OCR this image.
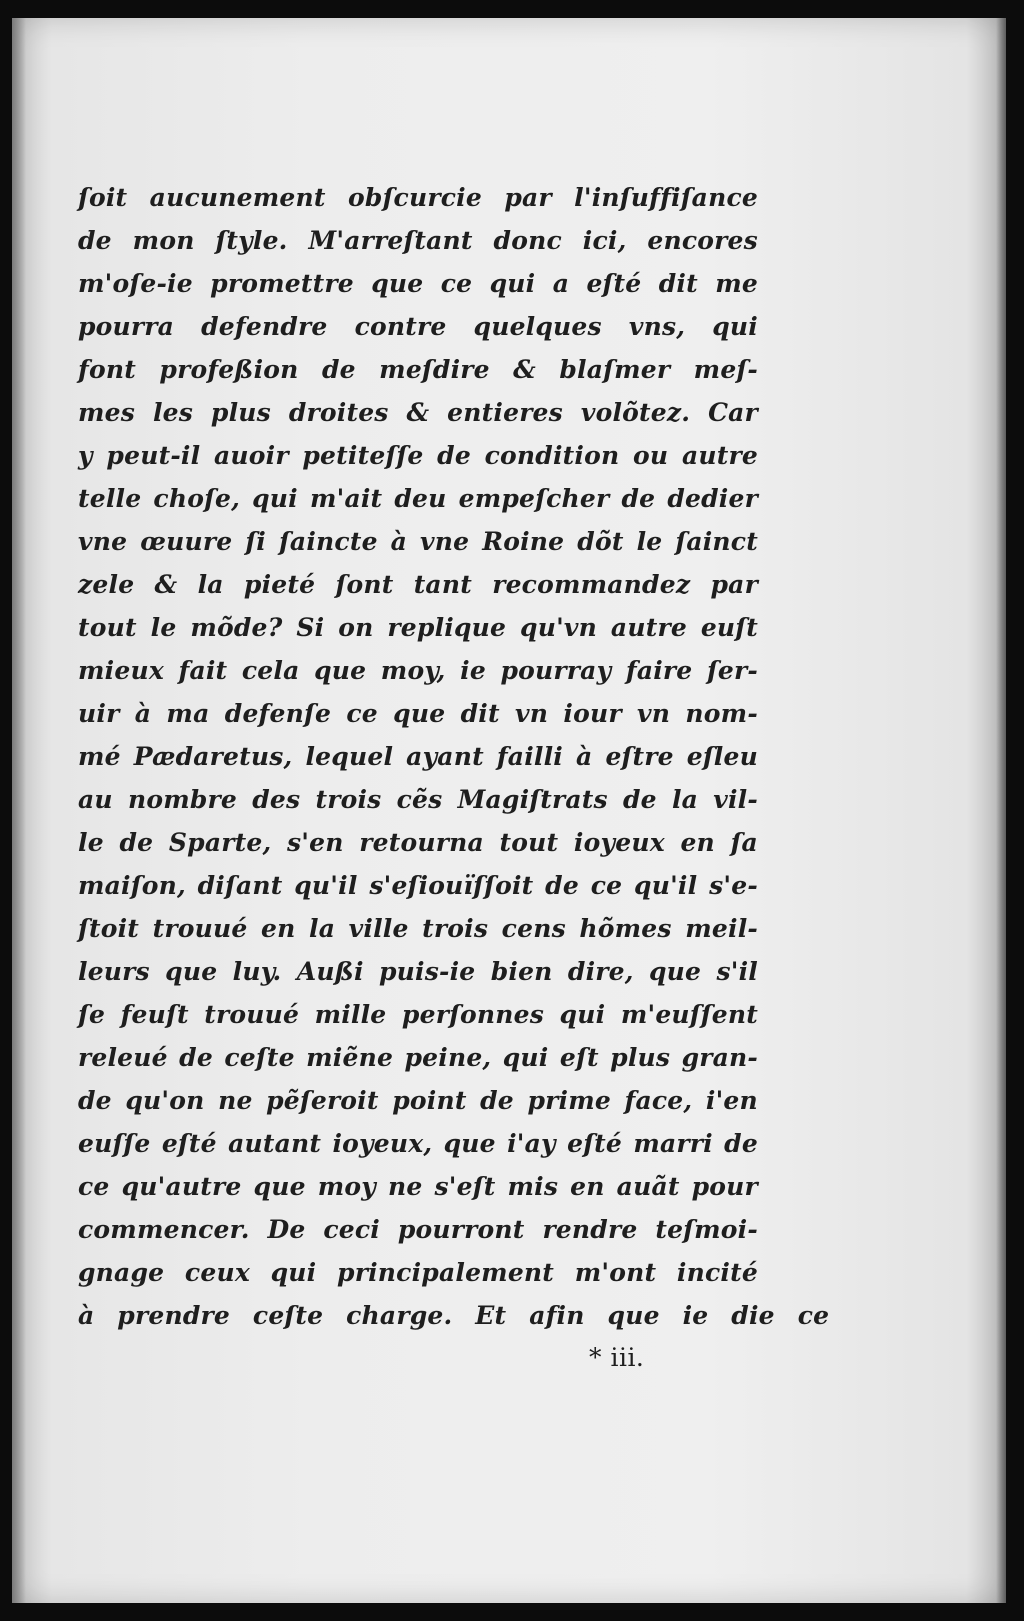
ſoit aucunement obſcurcie par l'inſuffiſance
de mon ſtyle. M'arreſtant donc ici, encores
m'oſe-ie promettre que ce qui a eſté dit me
pourra defendre contre quelques vns, qui
font profeßion de meſdire & blaſmer meſ-
mes les plus droites & entieres volõtez. Car
y peut-il auoir petiteſſe de condition ou autre
telle choſe, qui m'ait deu empeſcher de dedier
vne œuure ſi ſaincte à vne Roine dõt le ſainct
zele & la pieté ſont tant recommandez par
tout le mõde? Si on replique qu'vn autre euſt
mieux fait cela que moy, ie pourray faire ſer-
uir à ma defenſe ce que dit vn iour vn nom-
mé Pædaretus, lequel ayant failli à eſtre eſleu
au nombre des trois cẽs Magiſtrats de la vil-
le de Sparte, s'en retourna tout ioyeux en ſa
maiſon, diſant qu'il s'eſiouïſſoit de ce qu'il s'e-
ſtoit trouué en la ville trois cens hõmes meil-
leurs que luy. Außi puis-ie bien dire, que s'il
ſe feuſt trouué mille perſonnes qui m'euſſent
releué de ceſte miẽne peine, qui eſt plus gran-
de qu'on ne pẽſeroit point de prime face, i'en
euſſe eſté autant ioyeux, que i'ay eſté marri de
ce qu'autre que moy ne s'eſt mis en auãt pour
commencer. De ceci pourront rendre teſmoi-
gnage ceux qui principalement m'ont incité
à prendre ceſte charge. Et afin que ie die ce
* iii.
